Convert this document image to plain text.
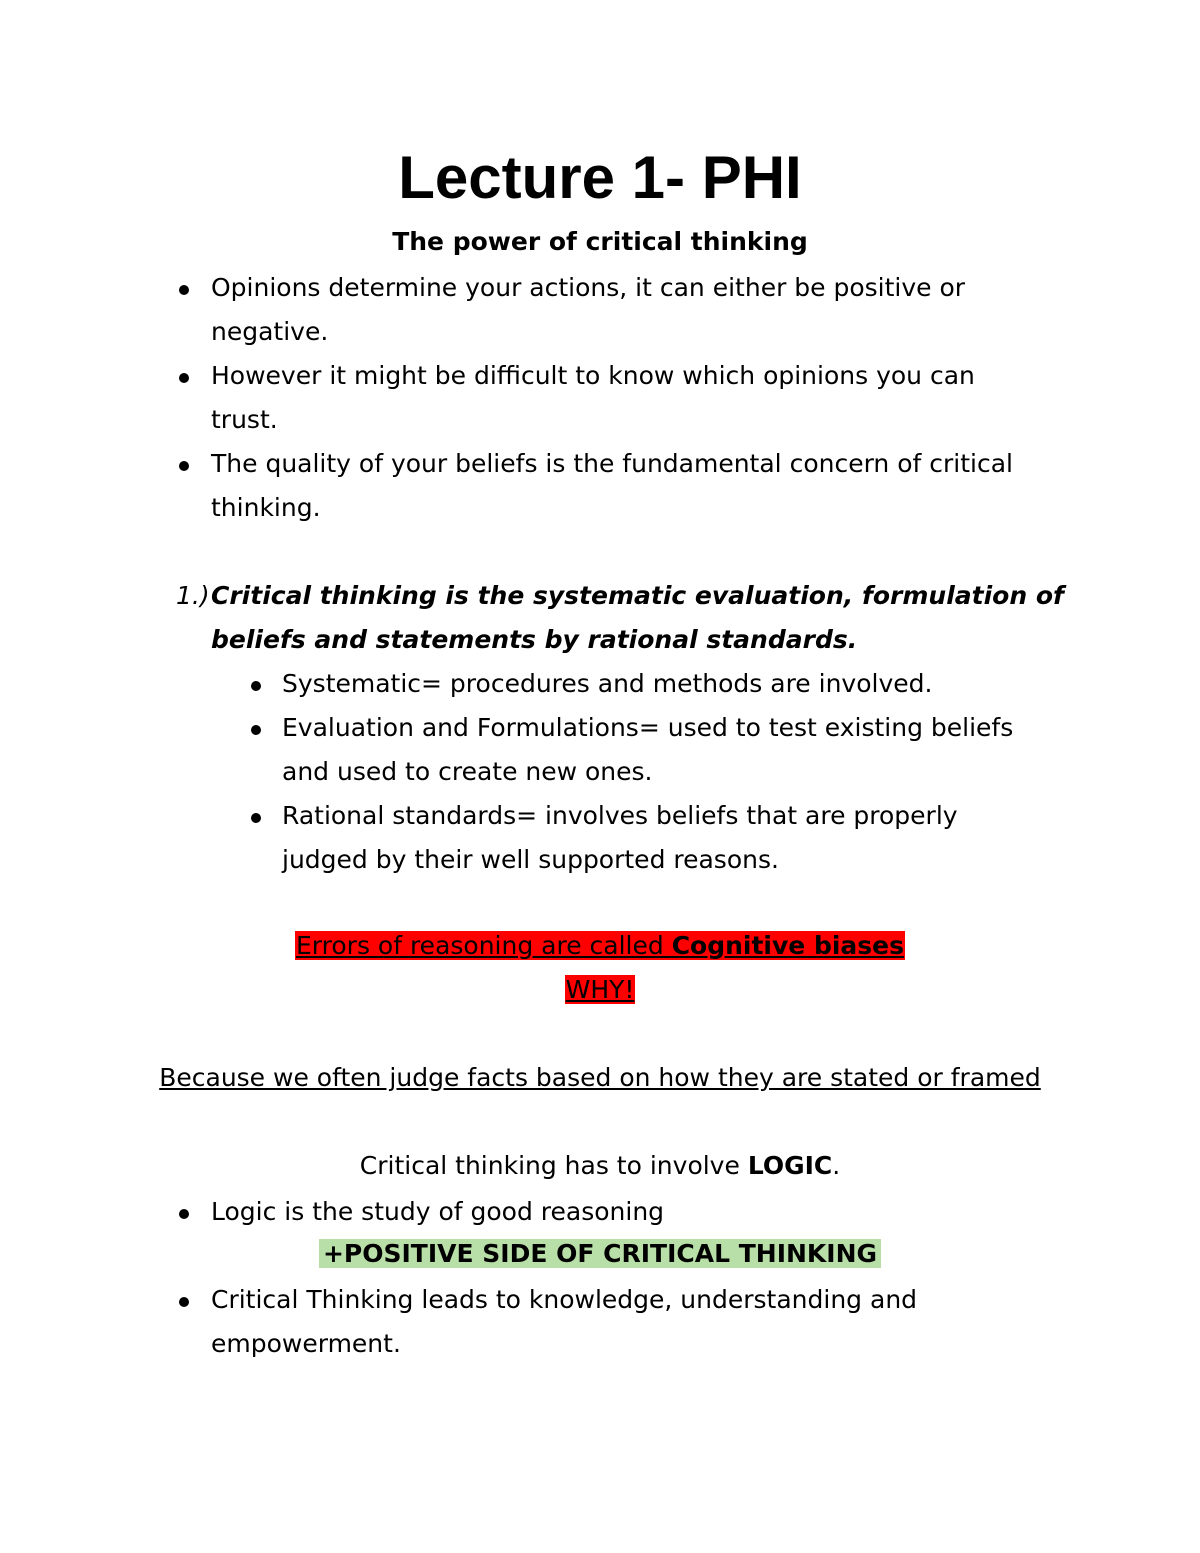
Lecture 1- PHI
The power of critical thinking
Opinions determine your actions, it can either be positive or
negative.
However it might be difficult to know which opinions you can
trust.
The quality of your beliefs is the fundamental concern of critical
thinking.
1.) Critical thinking is the systematic evaluation, formulation of
beliefs and statements by rational standards.
Systematic= procedures and methods are involved.
Evaluation and Formulations= used to test existing beliefs
and used to create new ones.
Rational standards= involves beliefs that are properly
judged by their well supported reasons.
Errors of reasoning are called Cognitive biases
WHY!
Because we often judge facts based on how they are stated or framed
Critical thinking has to involve LOGIC.
Logic is the study of good reasoning
+POSITIVE SIDE OF CRITICAL THINKING
Critical Thinking leads to knowledge, understanding and
empowerment.
